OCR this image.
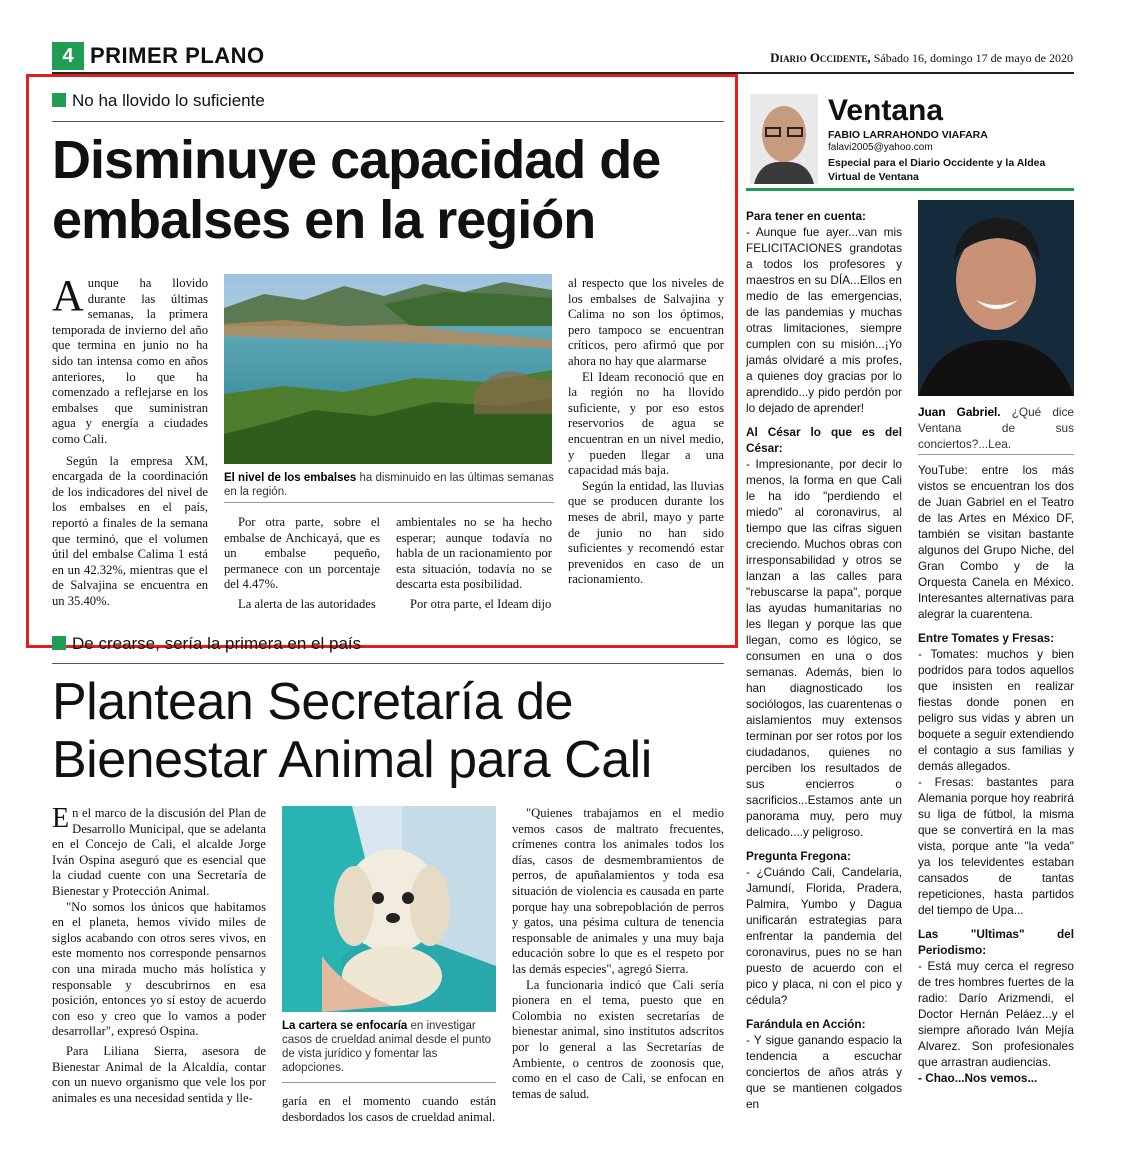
4 PRIMER PLANO	Diario Occidente, Sábado 16, domingo 17 de mayo de 2020
No ha llovido lo suficiente
Disminuye capacidad de embalses en la región
A unque ha llovido durante las últimas semanas, la primera temporada de invierno del año que termina en junio no ha sido tan intensa como en años anteriores, lo que ha comenzado a reflejarse en los embalses que suministran agua y energía a ciudades como Cali.

Según la empresa XM, encargada de la coordinación de los indicadores del nivel de los embalses en el país, reportó a finales de la semana que terminó, que el volumen útil del embalse Calima 1 está en un 42.32%, mientras que el de Salvajina se encuentra en un 35.40%.

El nivel de los embalses ha disminuido en las últimas semanas en la región.

Por otra parte, sobre el embalse de Anchicayá, que es un embalse pequeño, permanece con un porcentaje del 4.47%.

La alerta de las autoridades

ambientales no se ha hecho esperar; aunque todavía no habla de un racionamiento por esta situación, todavía no se descarta esta posibilidad.

Por otra parte, el Ideam dijo

al respecto que los niveles de los embalses de Salvajina y Calima no son los óptimos, pero tampoco se encuentran críticos, pero afirmó que por ahora no hay que alarmarse

El Ideam reconoció que en la región no ha llovido suficiente, y por eso estos reservorios de agua se encuentran en un nivel medio, y pueden llegar a una capacidad más baja.

Según la entidad, las lluvias que se producen durante los meses de abril, mayo y parte de junio no han sido suficientes y recomendó estar prevenidos en caso de un racionamiento.

De crearse, sería la primera en el país
Plantean Secretaría de Bienestar Animal para Cali
E n el marco de la discusión del Plan de Desarrollo Municipal, que se adelanta en el Concejo de Cali, el alcalde Jorge Iván Ospina aseguró que es esencial que la ciudad cuente con una Secretaría de Bienestar y Protección Animal.

"No somos los únicos que habitamos en el planeta, hemos vivido miles de siglos acabando con otros seres vivos, en este momento nos corresponde pensarnos con una mirada mucho más holística y responsable y descubrirnos en esa posición, entonces yo sí estoy de acuerdo con eso y creo que lo vamos a poder desarrollar", expresó Ospina.

Para Liliana Sierra, asesora de Bienestar Animal de la Alcaldía, contar con un nuevo organismo que vele los por animales es una necesidad sentida y lle-

La cartera se enfocaría en investigar casos de crueldad animal desde el punto de vista jurídico y fomentar las adopciones.

garía en el momento cuando están desbordados los casos de crueldad animal.

"Quienes trabajamos en el medio vemos casos de maltrato frecuentes, crímenes contra los animales todos los días, casos de desmembramientos de perros, de apuñalamientos y toda esa situación de violencia es causada en parte porque hay una sobrepoblación de perros y gatos, una pésima cultura de tenencia responsable de animales y una muy baja educación sobre lo que es el respeto por las demás especies", agregó Sierra.

La funcionaria indicó que Cali sería pionera en el tema, puesto que en Colombia no existen secretarías de bienestar animal, sino institutos adscritos por lo general a las Secretarías de Ambiente, o centros de zoonosis que, como en el caso de Cali, se enfocan en temas de salud.

Ventana
FABIO LARRAHONDO VIAFARA
falavi2005@yahoo.com
Especial para el Diario Occidente y la Aldea Virtual de Ventana

Para tener en cuenta:

- Aunque fue ayer...van mis FELICITACIONES grandotas a todos los profesores y maestros en su DÍA...Ellos en medio de las emergencias, de las pandemias y muchas otras limitaciones, siempre cumplen con su misión...¡Yo jamás olvidaré a mis profes, a quienes doy gracias por lo aprendido...y pido perdón por lo dejado de aprender!

Al César lo que es del César:

- Impresionante, por decir lo menos, la forma en que Cali le ha ido "perdiendo el miedo" al coronavirus, al tiempo que las cifras siguen creciendo. Muchos obras con irresponsabilidad y otros se lanzan a las calles para "rebuscarse la papa", porque las ayudas humanitarias no les llegan y porque las que llegan, como es lógico, se consumen en una o dos semanas. Además, bien lo han diagnosticado los sociólogos, las cuarentenas o aislamientos muy extensos terminan por ser rotos por los ciudadanos, quienes no perciben los resultados de sus encierros o sacrificios...Estamos ante un panorama muy, pero muy delicado....y peligroso.

Pregunta Fregona:

- ¿Cuándo Cali, Candelaria, Jamundí, Florida, Pradera, Palmira, Yumbo y Dagua unificarán estrategias para enfrentar la pandemia del coronavirus, pues no se han puesto de acuerdo con el pico y placa, ni con el pico y cédula?

Farándula en Acción:

- Y sigue ganando espacio la tendencia a escuchar conciertos de años atrás y que se mantienen colgados en

Juan Gabriel. ¿Qué dice Ventana de sus conciertos?...Lea.

YouTube: entre los más vistos se encuentran los dos de Juan Gabriel en el Teatro de las Artes en México DF, también se visitan bastante algunos del Grupo Niche, del Gran Combo y de la Orquesta Canela en México. Interesantes alternativas para alegrar la cuarentena.

Entre Tomates y Fresas:

- Tomates: muchos y bien podridos para todos aquellos que insisten en realizar fiestas donde ponen en peligro sus vidas y abren un boquete a seguir extendiendo el contagio a sus familias y demás allegados.

- Fresas: bastantes para Alemania porque hoy reabrirá su liga de fútbol, la misma que se convertirá en la mas vista, porque ante "la veda" ya los televidentes estaban cansados de tantas repeticiones, hasta partidos del tiempo de Upa...

Las "Ultimas" del Periodismo:

- Está muy cerca el regreso de tres hombres fuertes de la radio: Darío Arizmendi, el Doctor Hernán Peláez...y el siempre añorado Iván Mejía Alvarez. Son profesionales que arrastran audiencias.

- Chao...Nos vemos...
